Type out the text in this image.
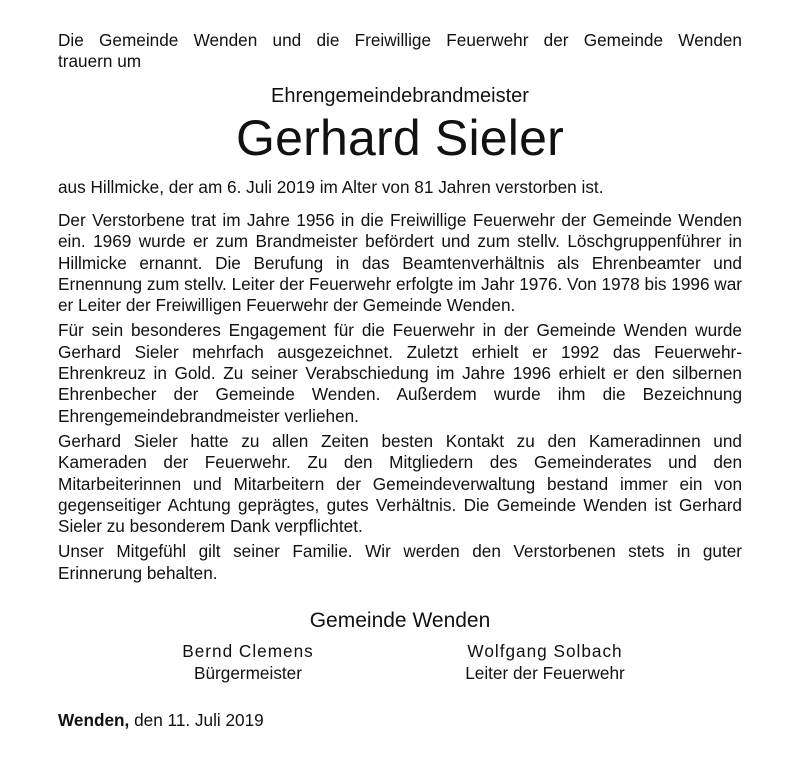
Die Gemeinde Wenden und die Freiwillige Feuerwehr der Gemeinde Wenden
trauern um

Ehrengemeindebrandmeister

Gerhard Sieler

aus Hillmicke, der am 6. Juli 2019 im Alter von 81 Jahren verstorben ist.

Der Verstorbene trat im Jahre 1956 in die Freiwillige Feuerwehr der Gemeinde Wenden ein. 1969 wurde er zum Brandmeister befördert und zum stellv. Löschgruppenführer in Hillmicke ernannt. Die Berufung in das Beamtenverhältnis als Ehrenbeamter und Ernennung zum stellv. Leiter der Feuerwehr erfolgte im Jahr 1976. Von 1978 bis 1996 war er Leiter der Freiwilligen Feuerwehr der Gemeinde Wenden.

Für sein besonderes Engagement für die Feuerwehr in der Gemeinde Wenden wurde Gerhard Sieler mehrfach ausgezeichnet. Zuletzt erhielt er 1992 das Feuerwehr-Ehrenkreuz in Gold. Zu seiner Verabschiedung im Jahre 1996 erhielt er den silbernen Ehrenbecher der Gemeinde Wenden. Außerdem wurde ihm die Bezeichnung Ehrengemeindebrandmeister verliehen.

Gerhard Sieler hatte zu allen Zeiten besten Kontakt zu den Kameradinnen und Kameraden der Feuerwehr. Zu den Mitgliedern des Gemeinderates und den Mitarbeiterinnen und Mitarbeitern der Gemeindeverwaltung bestand immer ein von gegenseitiger Achtung geprägtes, gutes Verhältnis. Die Gemeinde Wenden ist Gerhard Sieler zu besonderem Dank verpflichtet.

Unser Mitgefühl gilt seiner Familie. Wir werden den Verstorbenen stets in guter Erinnerung behalten.

Gemeinde Wenden

Bernd Clemens
Bürgermeister
Wolfgang Solbach
Leiter der Feuerwehr
Wenden, den 11. Juli 2019
